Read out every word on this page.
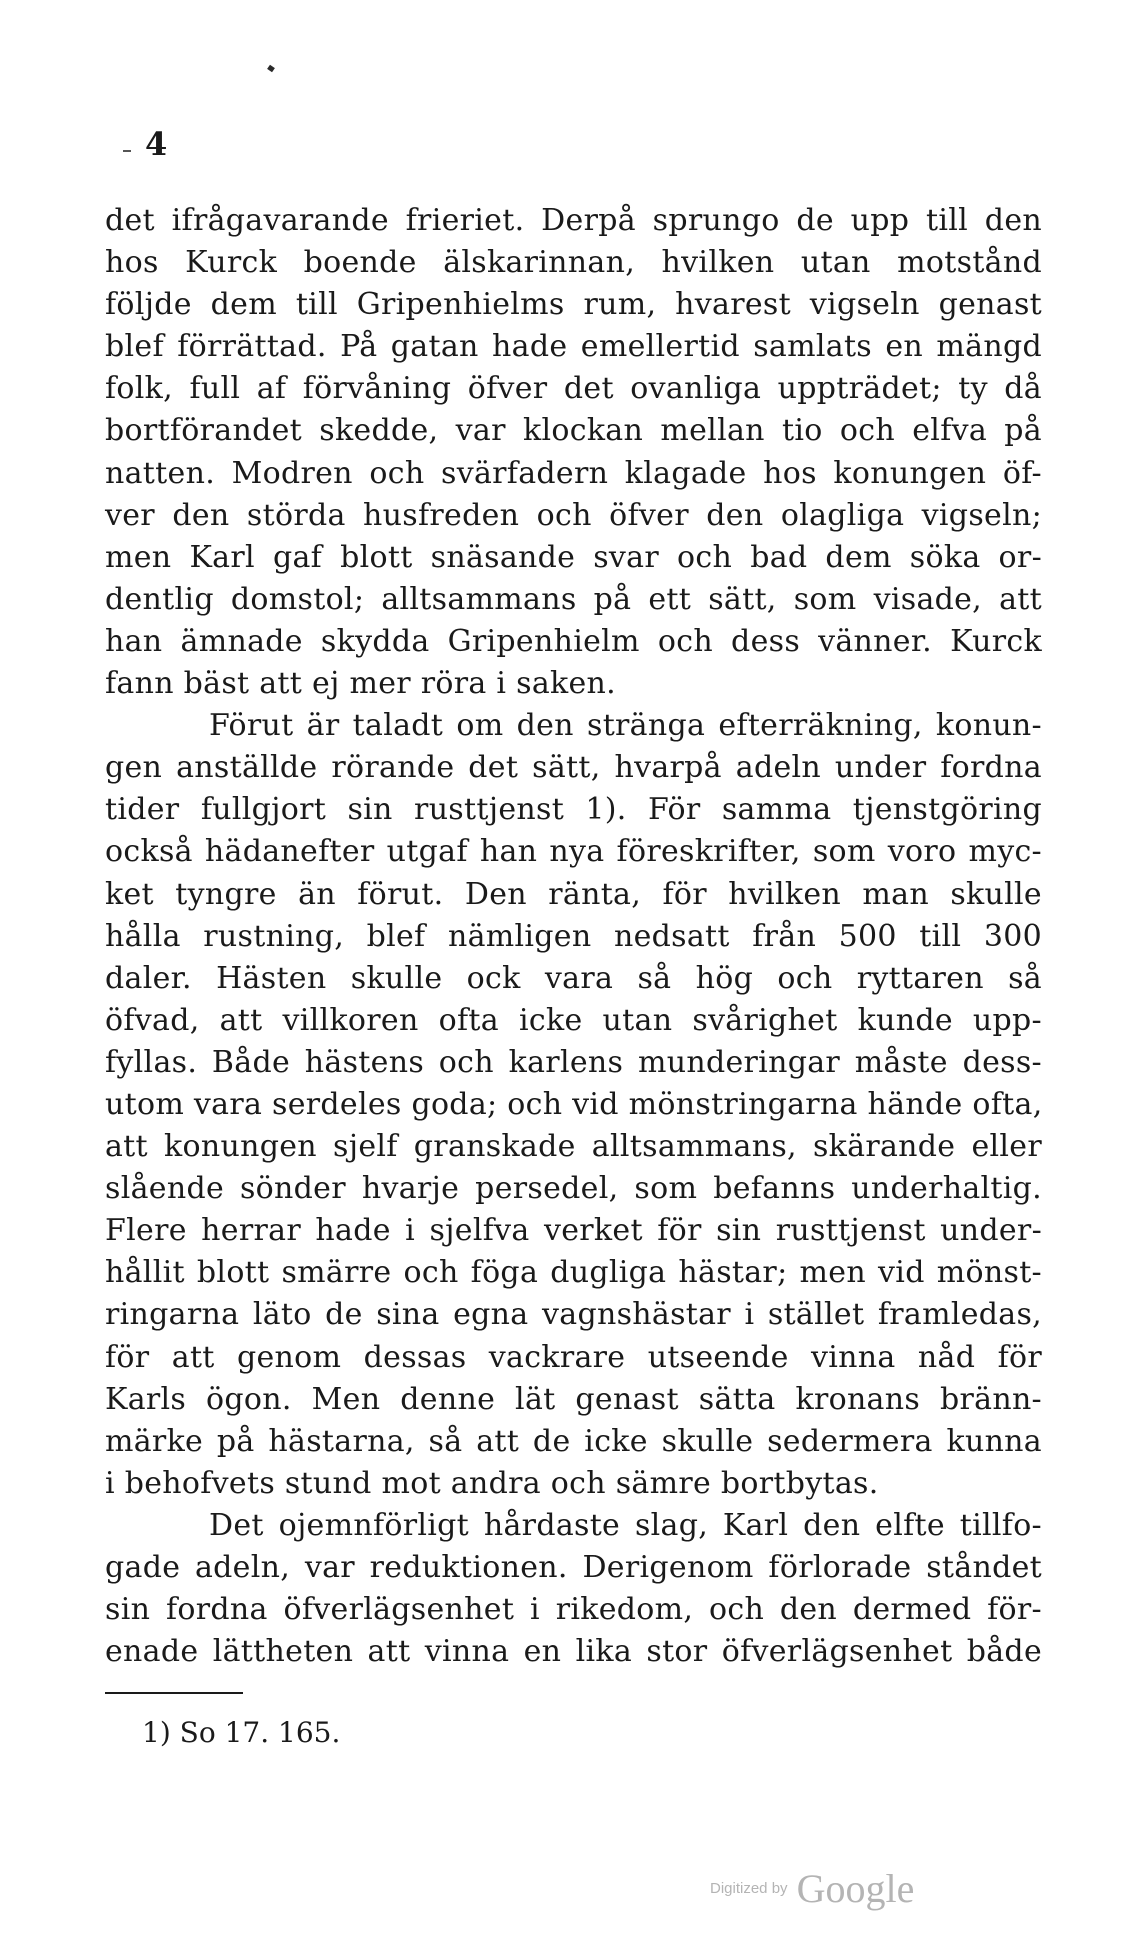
4
det ifrågavarande frieriet. Derpå sprungo de upp till den
hos Kurck boende älskarinnan, hvilken utan motstånd
följde dem till Gripenhielms rum, hvarest vigseln genast
blef förrättad. På gatan hade emellertid samlats en mängd
folk, full af förvåning öfver det ovanliga uppträdet; ty då
bortförandet skedde, var klockan mellan tio och elfva på
natten. Modren och svärfadern klagade hos konungen öf-
ver den störda husfreden och öfver den olagliga vigseln;
men Karl gaf blott snäsande svar och bad dem söka or-
dentlig domstol; alltsammans på ett sätt, som visade, att
han ämnade skydda Gripenhielm och dess vänner. Kurck
fann bäst att ej mer röra i saken.
Förut är taladt om den stränga efterräkning, konun-
gen anställde rörande det sätt, hvarpå adeln under fordna
tider fullgjort sin rusttjenst 1). För samma tjenstgöring
också hädanefter utgaf han nya föreskrifter, som voro myc-
ket tyngre än förut. Den ränta, för hvilken man skulle
hålla rustning, blef nämligen nedsatt från 500 till 300
daler. Hästen skulle ock vara så hög och ryttaren så
öfvad, att villkoren ofta icke utan svårighet kunde upp-
fyllas. Både hästens och karlens munderingar måste dess-
utom vara serdeles goda; och vid mönstringarna hände ofta,
att konungen sjelf granskade alltsammans, skärande eller
slående sönder hvarje persedel, som befanns underhaltig.
Flere herrar hade i sjelfva verket för sin rusttjenst under-
hållit blott smärre och föga dugliga hästar; men vid mönst-
ringarna läto de sina egna vagnshästar i stället framledas,
för att genom dessas vackrare utseende vinna nåd för
Karls ögon. Men denne lät genast sätta kronans bränn-
märke på hästarna, så att de icke skulle sedermera kunna
i behofvets stund mot andra och sämre bortbytas.
Det ojemnförligt hårdaste slag, Karl den elfte tillfo-
gade adeln, var reduktionen. Derigenom förlorade ståndet
sin fordna öfverlägsenhet i rikedom, och den dermed för-
enade lättheten att vinna en lika stor öfverlägsenhet både
1) So 17. 165.
Digitized by Google
